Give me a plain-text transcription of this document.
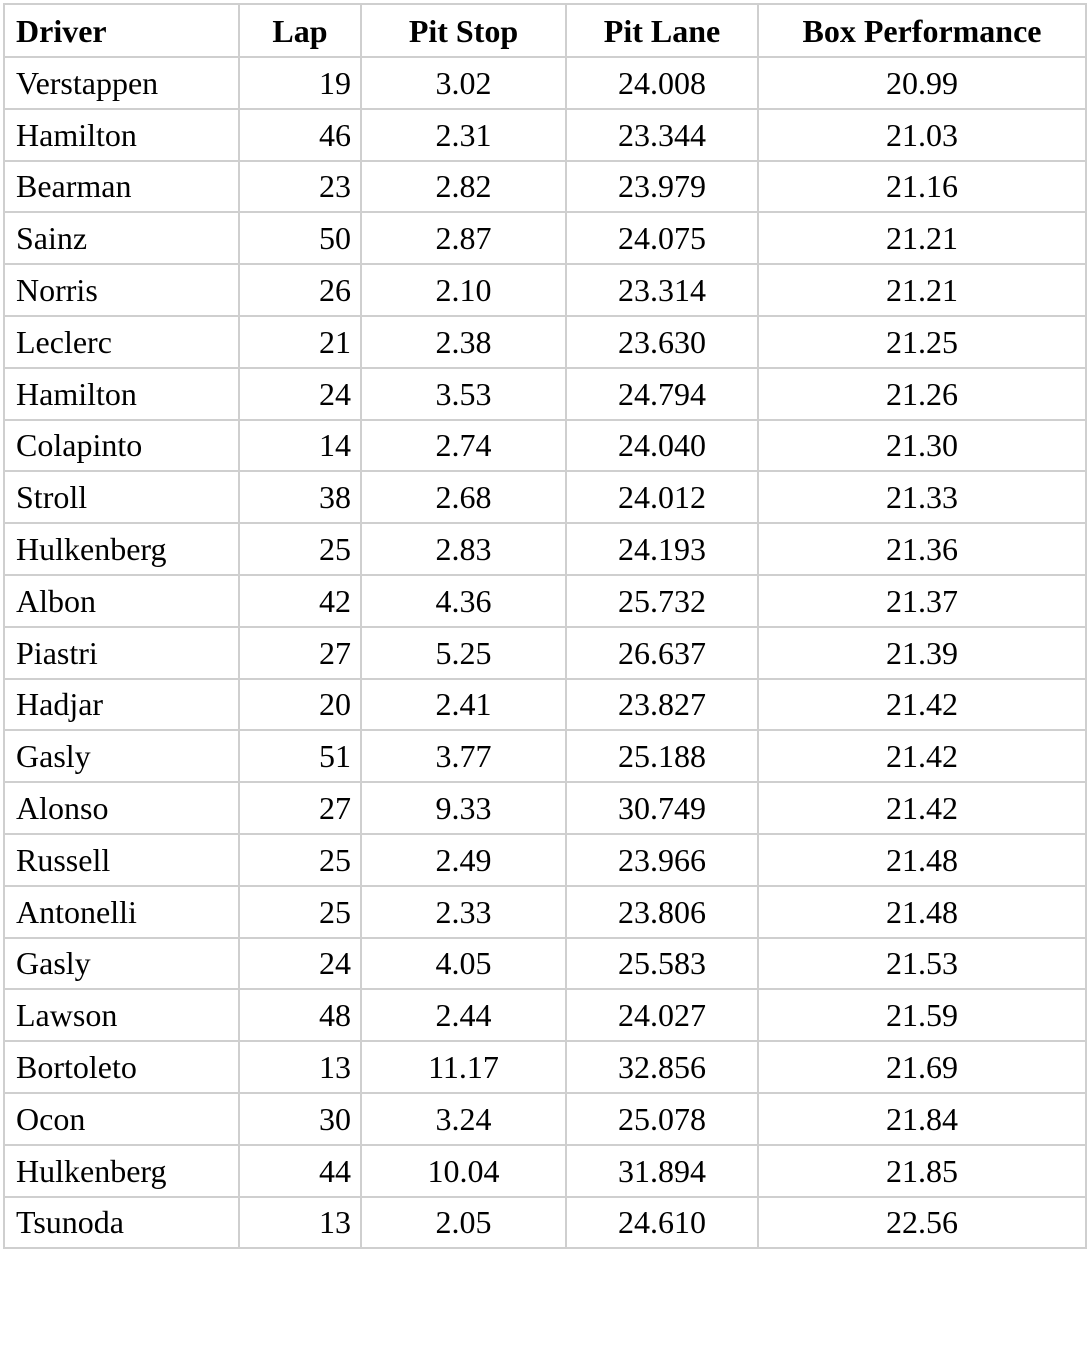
Driver	Lap	Pit Stop	Pit Lane	Box Performance
Verstappen	19	3.02	24.008	20.99
Hamilton	46	2.31	23.344	21.03
Bearman	23	2.82	23.979	21.16
Sainz	50	2.87	24.075	21.21
Norris	26	2.10	23.314	21.21
Leclerc	21	2.38	23.630	21.25
Hamilton	24	3.53	24.794	21.26
Colapinto	14	2.74	24.040	21.30
Stroll	38	2.68	24.012	21.33
Hulkenberg	25	2.83	24.193	21.36
Albon	42	4.36	25.732	21.37
Piastri	27	5.25	26.637	21.39
Hadjar	20	2.41	23.827	21.42
Gasly	51	3.77	25.188	21.42
Alonso	27	9.33	30.749	21.42
Russell	25	2.49	23.966	21.48
Antonelli	25	2.33	23.806	21.48
Gasly	24	4.05	25.583	21.53
Lawson	48	2.44	24.027	21.59
Bortoleto	13	11.17	32.856	21.69
Ocon	30	3.24	25.078	21.84
Hulkenberg	44	10.04	31.894	21.85
Tsunoda	13	2.05	24.610	22.56
